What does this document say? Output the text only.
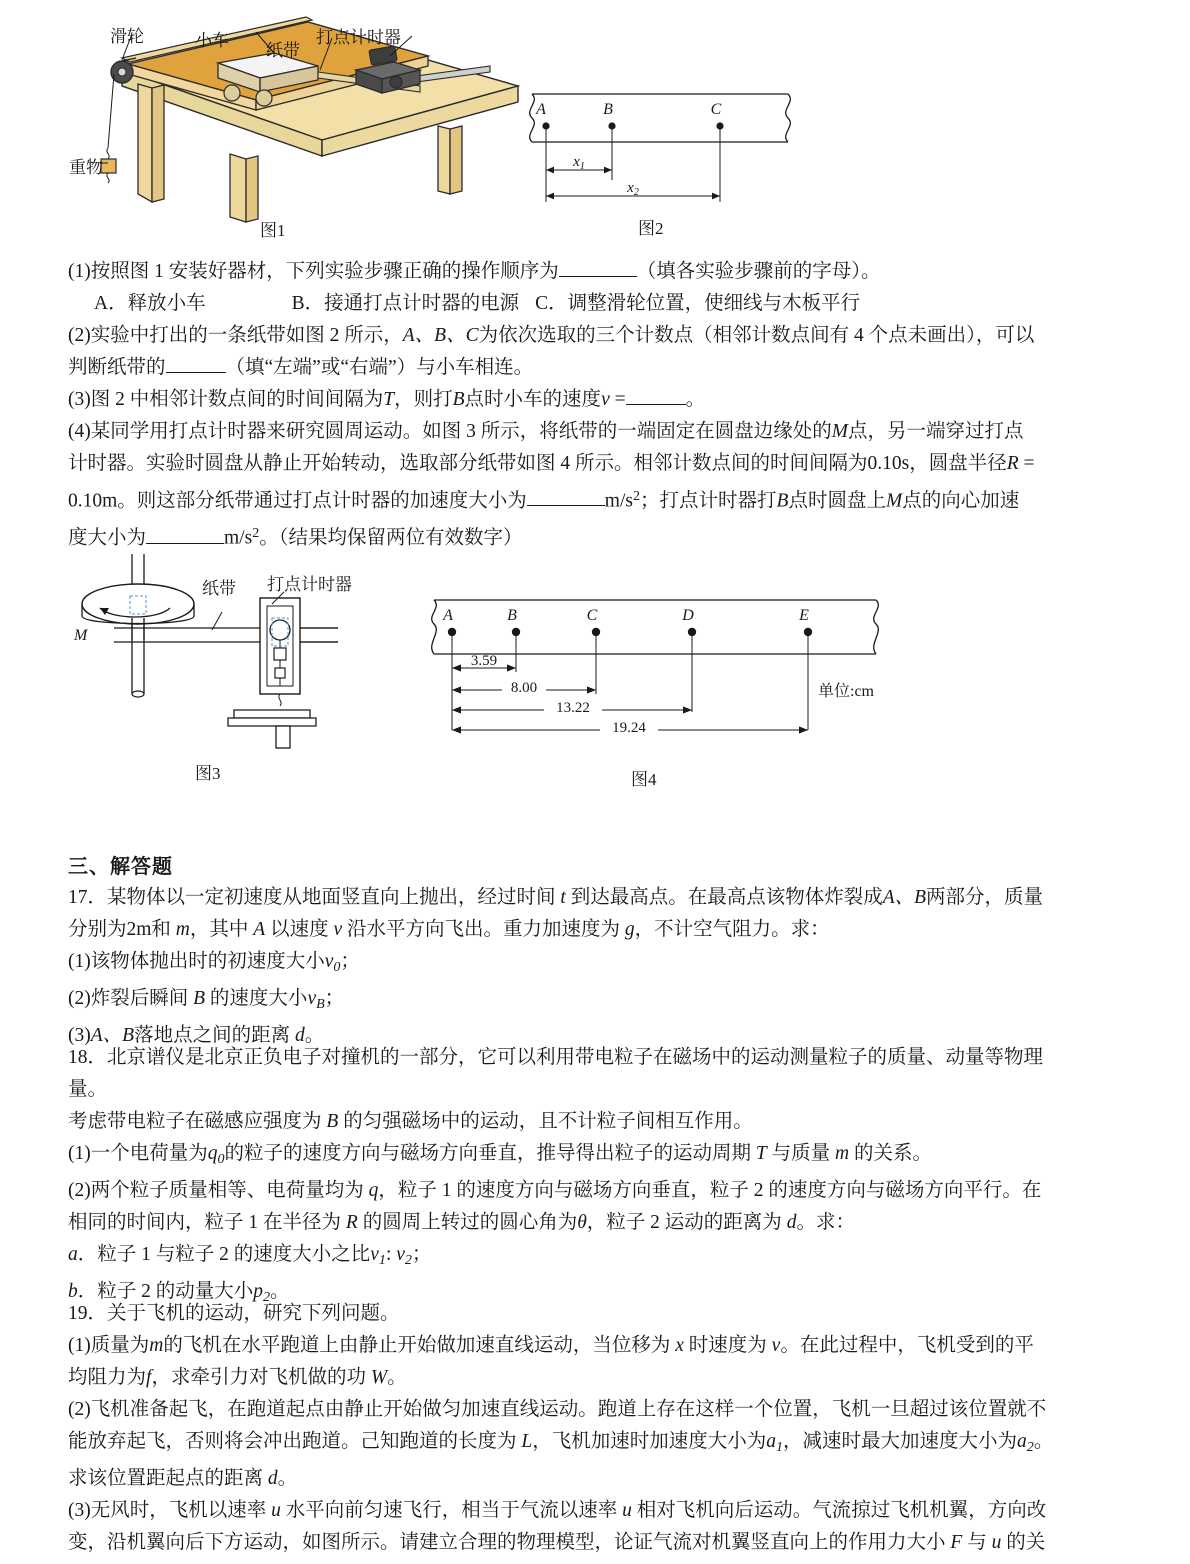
滑轮	小车
纸带
打点计时器
重物
图1
A	B	C
$x_1$
$x_2$
图2

(1)按照图 1 安装好器材，下列实验步骤正确的操作顺序为	（填各实验步骤前的字母）。

A．释放小车	B．接通打点计时器的电源 C．调整滑轮位置，使细线与木板平行

(2)实验中打出的一条纸带如图 2 所示，A、B、C为依次选取的三个计数点（相邻计数点间有 4 个点未画出），可以

判断纸带的	（填“左端”或“右端”）与小车相连。

(3)图 2 中相邻计数点间的时间间隔为T，则打B点时小车的速度v =	。

(4)某同学用打点计时器来研究圆周运动。如图 3 所示，将纸带的一端固定在圆盘边缘处的M点，另一端穿过打点

计时器。实验时圆盘从静止开始转动，选取部分纸带如图 4 所示。相邻计数点间的时间间隔为0.10s，圆盘半径R =

0.10m。则这部分纸带通过打点计时器的加速度大小为	$m/s^2$；打点计时器打B点时圆盘上M点的向心加速

度大小为	$m/s^2$。（结果均保留两位有效数字）

M
纸带 打点计时器
图3
A	B	C	D	E
3.59
8.00
13.22
19.24
单位:cm
图4
三、解答题

17．某物体以一定初速度从地面竖直向上抛出，经过时间 t 到达最高点。在最高点该物体炸裂成A、B两部分，质量

分别为2m和 m，其中 A 以速度 v 沿水平方向飞出。重力加速度为 g，不计空气阻力。求：

(1)该物体抛出时的初速度大小$v_0$；

(2)炸裂后瞬间 B 的速度大小$v_B$；

(3)A、B落地点之间的距离 d。

18．北京谱仪是北京正负电子对撞机的一部分，它可以利用带电粒子在磁场中的运动测量粒子的质量、动量等物理

量。

考虑带电粒子在磁感应强度为 B 的匀强磁场中的运动，且不计粒子间相互作用。

(1)一个电荷量为$q_0$的粒子的速度方向与磁场方向垂直，推导得出粒子的运动周期 T 与质量 m 的关系。

(2)两个粒子质量相等、电荷量均为 q，粒子 1 的速度方向与磁场方向垂直，粒子 2 的速度方向与磁场方向平行。在

相同的时间内，粒子 1 在半径为 R 的圆周上转过的圆心角为θ，粒子 2 运动的距离为 d。求：

a．粒子 1 与粒子 2 的速度大小之比$v_1$: $v_2$；

b．粒子 2 的动量大小$p_2$。

19．关于飞机的运动，研究下列问题。

(1)质量为m的飞机在水平跑道上由静止开始做加速直线运动，当位移为 x 时速度为 v。在此过程中，飞机受到的平

均阻力为f，求牵引力对飞机做的功 W。

(2)飞机准备起飞，在跑道起点由静止开始做匀加速直线运动。跑道上存在这样一个位置，飞机一旦超过该位置就不

能放弃起飞，否则将会冲出跑道。己知跑道的长度为 L，飞机加速时加速度大小为$a_1$，减速时最大加速度大小为$a_2$。

求该位置距起点的距离 d。

(3)无风时，飞机以速率 u 水平向前匀速飞行，相当于气流以速率 u 相对飞机向后运动。气流掠过飞机机翼，方向改

变，沿机翼向后下方运动，如图所示。请建立合理的物理模型，论证气流对机翼竖直向上的作用力大小 F 与 u 的关
